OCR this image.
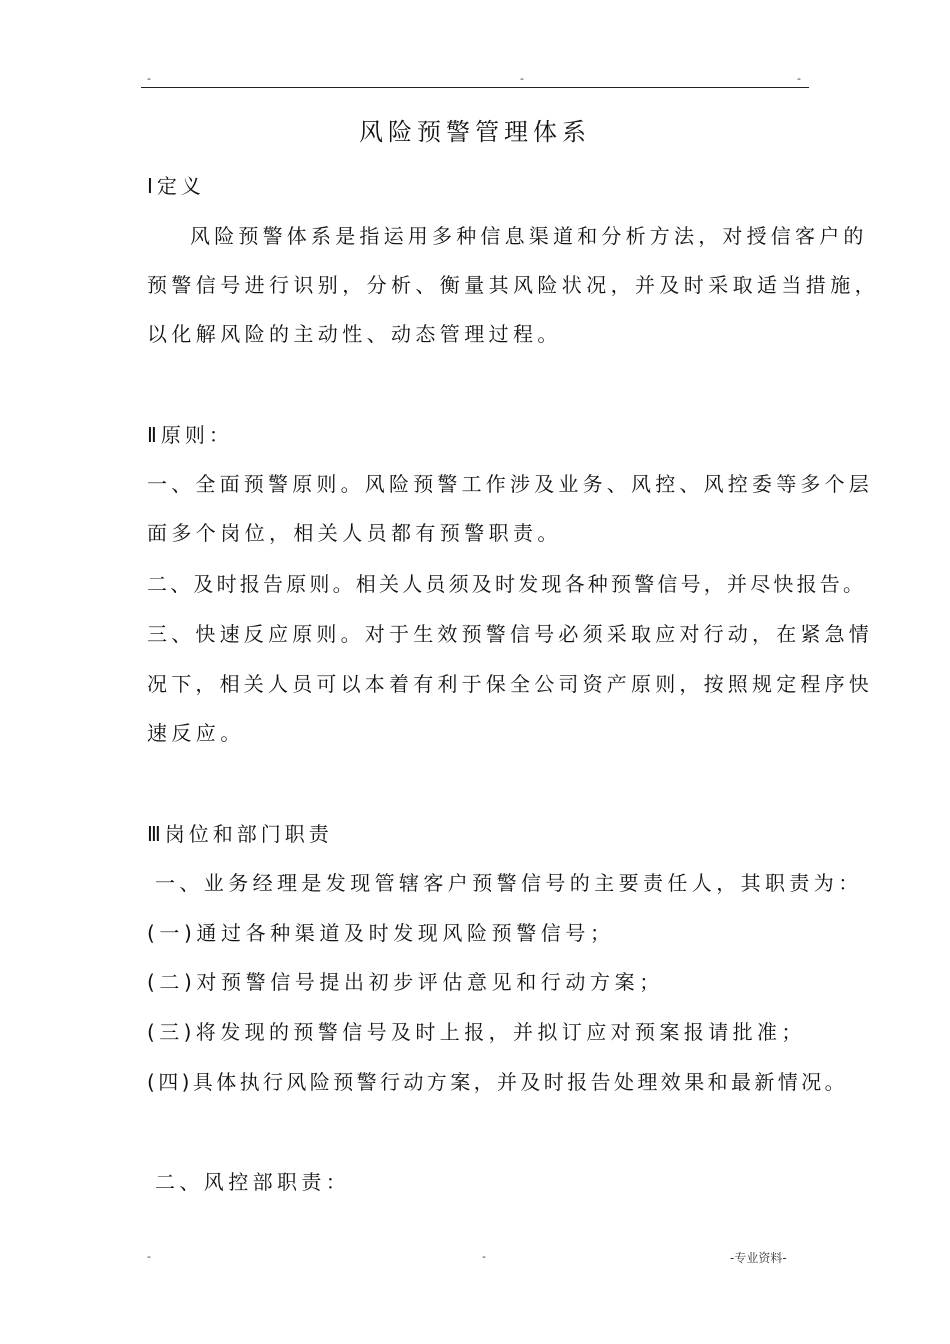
-	-	-
风险预警管理体系
Ⅰ定义
风险预警体系是指运用多种信息渠道和分析方法，对授信客户的
预警信号进行识别，分析、衡量其风险状况，并及时采取适当措施，
以化解风险的主动性、动态管理过程。
Ⅱ原则：
一、全面预警原则。风险预警工作涉及业务、风控、风控委等多个层
面多个岗位，相关人员都有预警职责。
二、及时报告原则。相关人员须及时发现各种预警信号，并尽快报告。
三、快速反应原则。对于生效预警信号必须采取应对行动，在紧急情
况下，相关人员可以本着有利于保全公司资产原则，按照规定程序快
速反应。
Ⅲ岗位和部门职责
一、业务经理是发现管辖客户预警信号的主要责任人，其职责为：
(一)通过各种渠道及时发现风险预警信号；
(二)对预警信号提出初步评估意见和行动方案；
(三)将发现的预警信号及时上报，并拟订应对预案报请批准；
(四)具体执行风险预警行动方案，并及时报告处理效果和最新情况。
二、风控部职责：
-	-	-专业资料-
